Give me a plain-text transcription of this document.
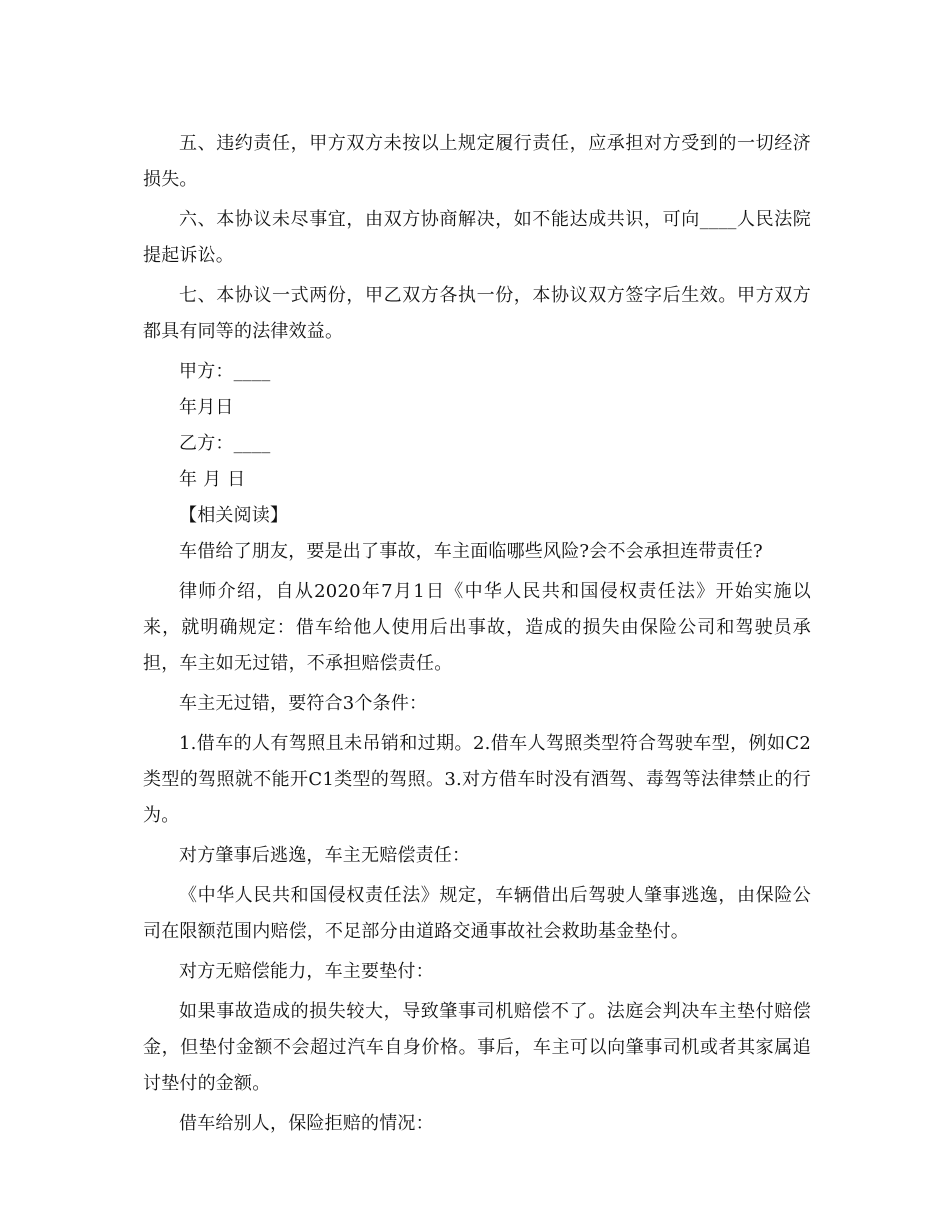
五、违约责任，甲方双方未按以上规定履行责任，应承担对方受到的一切经济损失。

六、本协议未尽事宜，由双方协商解决，如不能达成共识，可向____人民法院提起诉讼。

七、本协议一式两份，甲乙双方各执一份，本协议双方签字后生效。甲方双方都具有同等的法律效益。

甲方：____

年月日

乙方：____

年 月 日

【相关阅读】

车借给了朋友，要是出了事故，车主面临哪些风险?会不会承担连带责任?

律师介绍，自从2020年7月1日《中华人民共和国侵权责任法》开始实施以来，就明确规定：借车给他人使用后出事故，造成的损失由保险公司和驾驶员承担，车主如无过错，不承担赔偿责任。

车主无过错，要符合3个条件：

1.借车的人有驾照且未吊销和过期。2.借车人驾照类型符合驾驶车型，例如C2类型的驾照就不能开C1类型的驾照。3.对方借车时没有酒驾、毒驾等法律禁止的行为。

对方肇事后逃逸，车主无赔偿责任：

《中华人民共和国侵权责任法》规定，车辆借出后驾驶人肇事逃逸，由保险公司在限额范围内赔偿，不足部分由道路交通事故社会救助基金垫付。

对方无赔偿能力，车主要垫付：

如果事故造成的损失较大，导致肇事司机赔偿不了。法庭会判决车主垫付赔偿金，但垫付金额不会超过汽车自身价格。事后，车主可以向肇事司机或者其家属追讨垫付的金额。

借车给别人，保险拒赔的情况：
